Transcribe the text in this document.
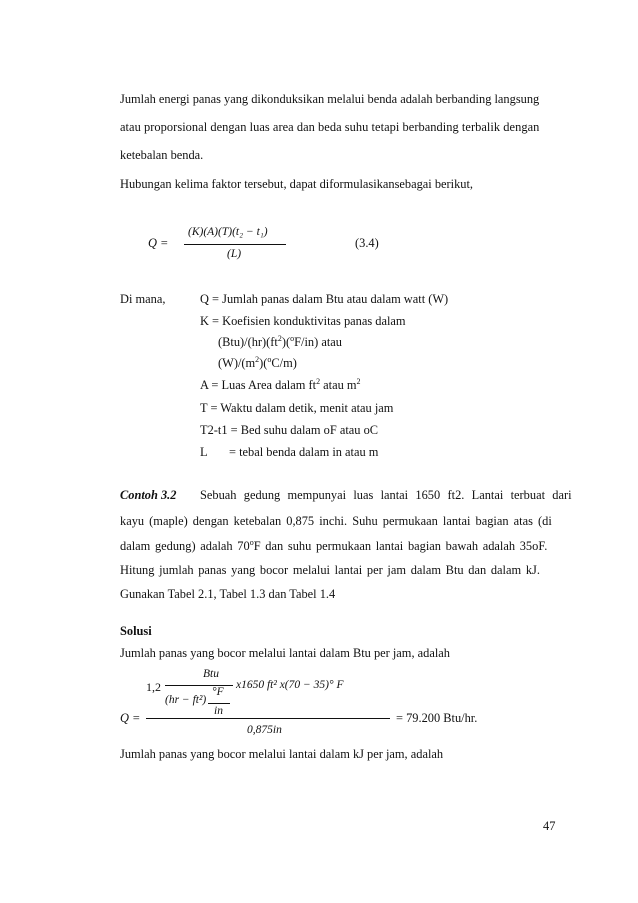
Jumlah energi panas yang dikonduksikan melalui benda adalah berbanding langsung
atau proporsional dengan luas area dan beda suhu tetapi berbanding terbalik dengan
ketebalan benda.
Hubungan kelima faktor tersebut, dapat diformulasikansebagai berikut,
Q =
(K)(A)(T)(t₂ − t₁)
(L)
(3.4)
Di mana,	Q = Jumlah panas dalam Btu atau dalam watt (W)
K = Koefisien konduktivitas panas dalam
$(Btu)/(hr)(ft^2)(^oF/in)$ atau
$(W)/(m^2)(^oC/m)$
A = Luas Area dalam $ft^2$ atau $m^2$
T = Waktu dalam detik, menit atau jam
T2-t1 = Bed suhu dalam oF atau oC
L = tebal benda dalam in atau m
Contoh 3.2 Sebuah gedung mempunyai luas lantai 1650 ft2. Lantai terbuat dari
kayu (maple) dengan ketebalan 0,875 inchi. Suhu permukaan lantai bagian atas (di
dalam gedung) adalah 70$^o$F dan suhu permukaan lantai bagian bawah adalah 35oF.
Hitung jumlah panas yang bocor melalui lantai per jam dalam Btu dan dalam kJ.
Gunakan Tabel 2.1, Tabel 1.3 dan Tabel 1.4
Solusi
Jumlah panas yang bocor melalui lantai dalam Btu per jam, adalah
1,2
Btu
(hr − ft²)
°F
in
x1650 ft² x(70 − 35)° F
Q =
0,875in
= 79.200 Btu/hr.
Jumlah panas yang bocor melalui lantai dalam kJ per jam, adalah
47
